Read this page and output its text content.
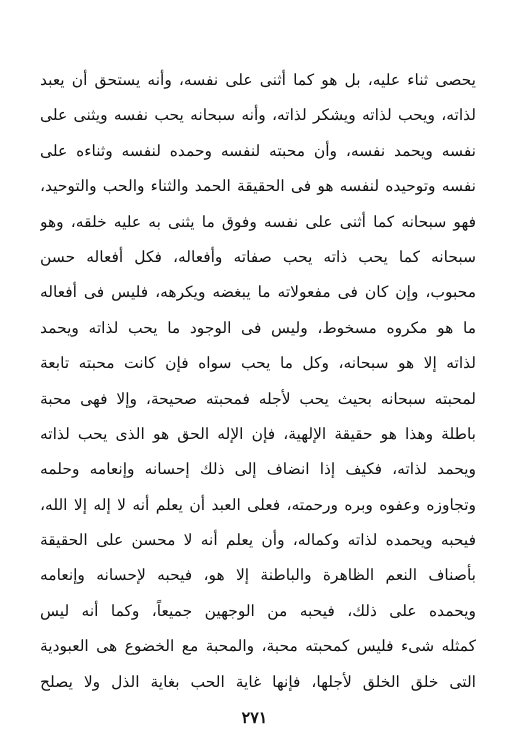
يحصى ثناء عليه، بل هو كما أثنى على نفسه، وأنه يستحق أن يعبد
لذاته، ويحب لذاته ويشكر لذاته، وأنه سبحانه يحب نفسه ويثنى على
نفسه ويحمد نفسه، وأن محبته لنفسه وحمده لنفسه وثناءه على
نفسه وتوحيده لنفسه هو فى الحقيقة الحمد والثناء والحب والتوحيد،
فهو سبحانه كما أثنى على نفسه وفوق ما يثنى به عليه خلقه، وهو
سبحانه كما يحب ذاته يحب صفاته وأفعاله، فكل أفعاله حسن
محبوب، وإن كان فى مفعولاته ما يبغضه ويكرهه، فليس فى أفعاله
ما هو مكروه مسخوط، وليس فى الوجود ما يحب لذاته ويحمد
لذاته إلا هو سبحانه، وكل ما يحب سواه فإن كانت محبته تابعة
لمحبته سبحانه بحيث يحب لأجله فمحبته صحيحة، وإلا فهى محبة
باطلة وهذا هو حقيقة الإلهية، فإن الإله الحق هو الذى يحب لذاته
ويحمد لذاته، فكيف إذا انضاف إلى ذلك إحسانه وإنعامه وحلمه
وتجاوزه وعفوه وبره ورحمته، فعلى العبد أن يعلم أنه لا إله إلا الله،
فيحبه ويحمده لذاته وكماله، وأن يعلم أنه لا محسن على الحقيقة
بأصناف النعم الظاهرة والباطنة إلا هو، فيحبه لإحسانه وإنعامه
ويحمده على ذلك، فيحبه من الوجهين جميعاً، وكما أنه ليس
كمثله شىء فليس كمحبته محبة، والمحبة مع الخضوع هى العبودية
التى خلق الخلق لأجلها، فإنها غاية الحب بغاية الذل ولا يصلح
٢٧١
